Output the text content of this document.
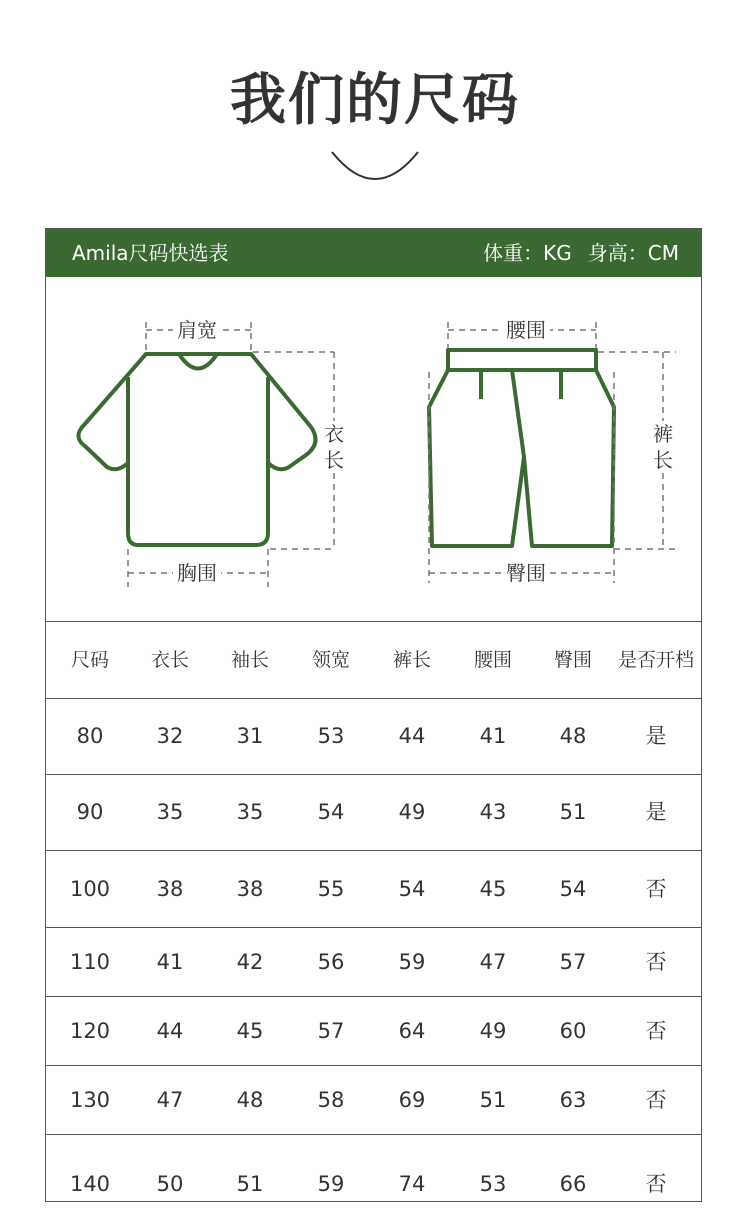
我们的尺码
Amila尺码快选表	体重：KG 身高：CM
肩宽
衣
长
胸围
腰围
裤
长
臀围
尺码	衣长	袖长	领宽	裤长	腰围	臀围	是否开档
80	32	31	53	44	41	48	是
90	35	35	54	49	43	51	是
100	38	38	55	54	45	54	否
110	41	42	56	59	47	57	否
120	44	45	57	64	49	60	否
130	47	48	58	69	51	63	否
140	50	51	59	74	53	66	否
